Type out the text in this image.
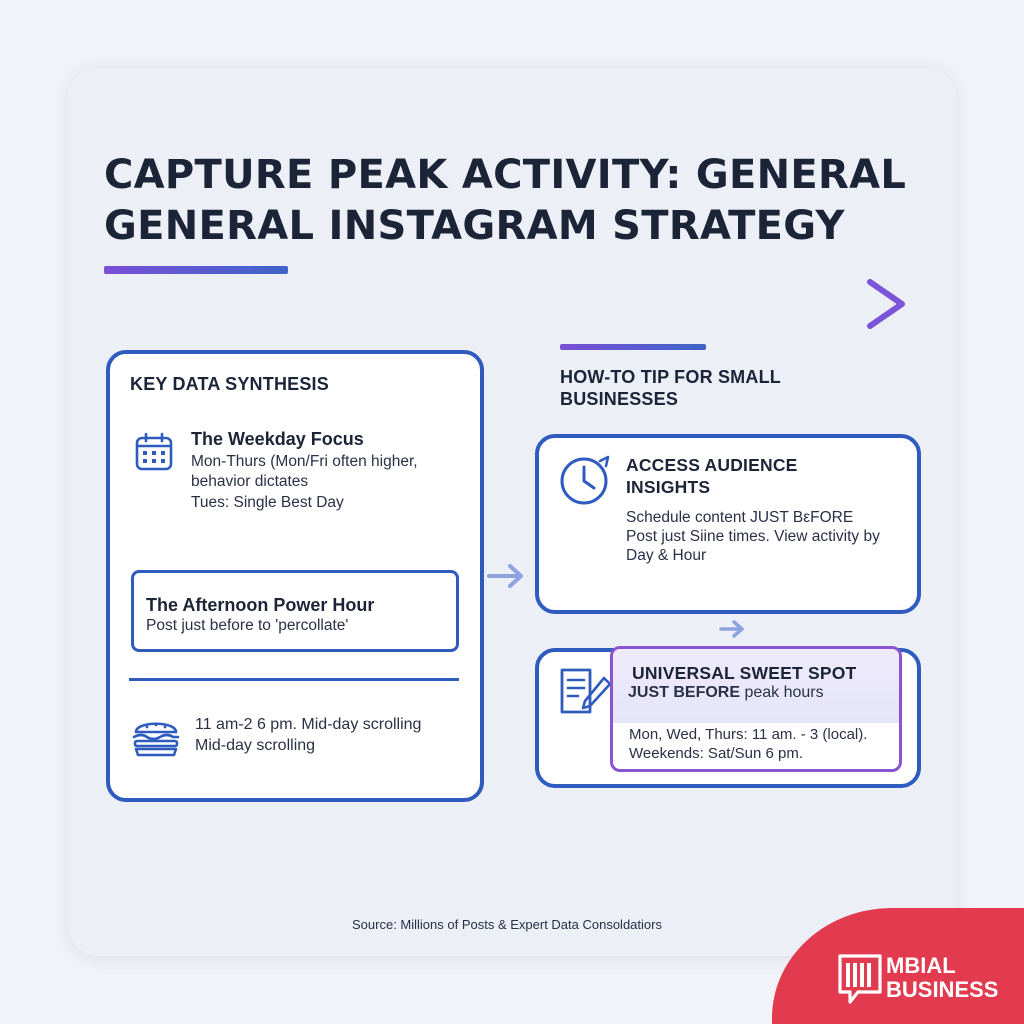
CAPTURE PEAK ACTIVITY: GENERAL GENERAL INSTAGRAM STRATEGY
KEY DATA SYNTHESIS
The Weekday Focus
Mon-Thurs (Mon/Fri often higher,
behavior dictates
Tues: Single Best Day
The Afternoon Power Hour
Post just before to 'percollate'
11 am-2 6 pm. Mid-day scrolling
Mid-day scrolling
HOW-TO TIP FOR SMALL
BUSINESSES
ACCESS AUDIENCE
INSIGHTS
Schedule content JUST BεFORE
Post just Siine times. View activity by
Day & Hour
UNIVERSAL SWEET SPOT
JUST BEFORE peak hours
Mon, Wed, Thurs: 11 am. - 3 (local).
Weekends: Sat/Sun 6 pm.
Source: Millions of Posts & Expert Data Consoldatiors
MBIAL
BUSINESS
